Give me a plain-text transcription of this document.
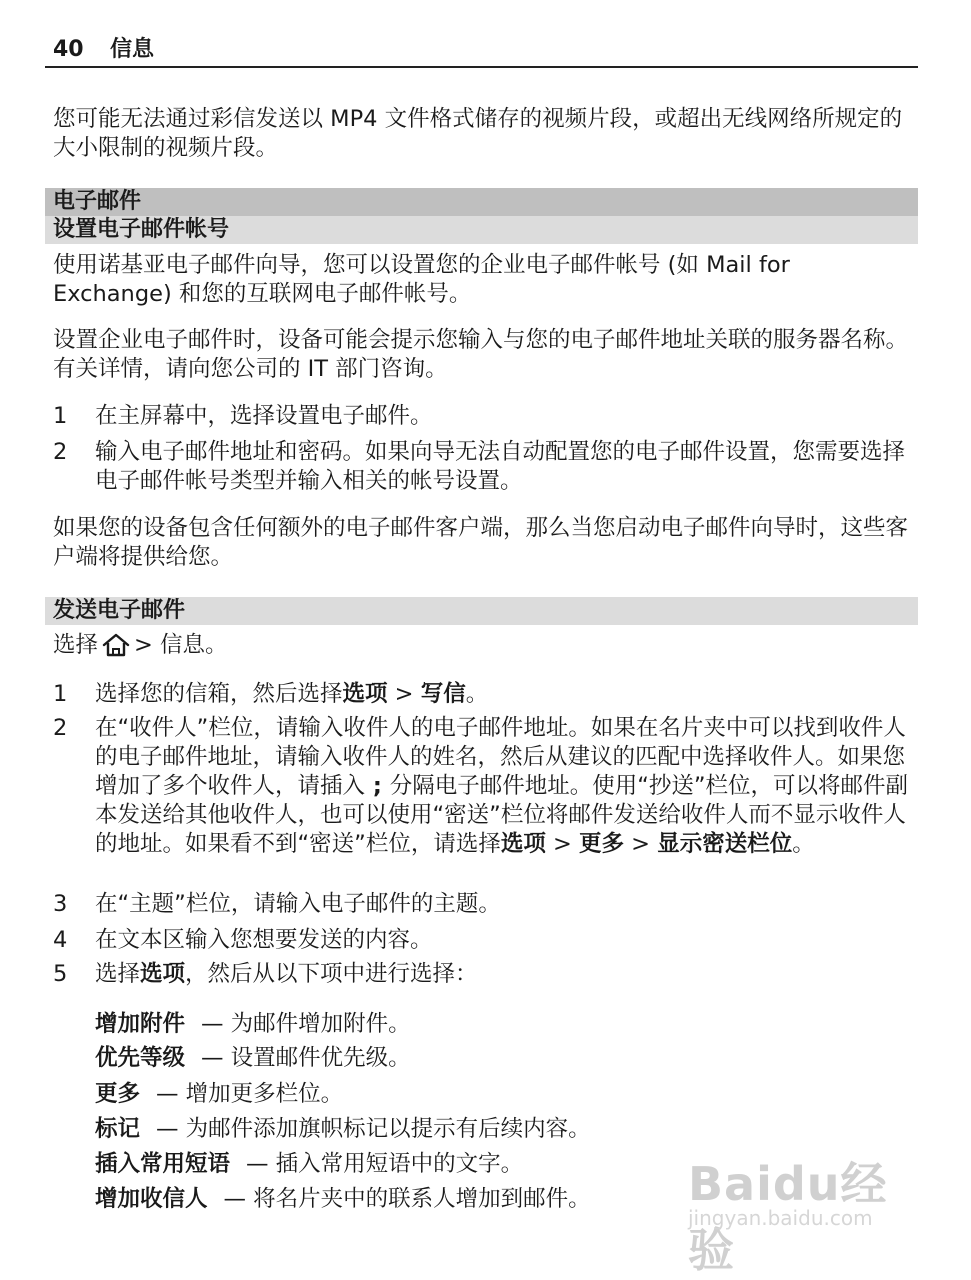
40 信息

您可能无法通过彩信发送以 MP4 文件格式储存的视频片段，或超出无线网络所规定的大小限制的视频片段。

电子邮件
设置电子邮件帐号

使用诺基亚电子邮件向导，您可以设置您的企业电子邮件帐号 (如 Mail for Exchange) 和您的互联网电子邮件帐号。

设置企业电子邮件时，设备可能会提示您输入与您的电子邮件地址关联的服务器名称。有关详情，请向您公司的 IT 部门咨询。

1 在主屏幕中，选择设置电子邮件。

2 输入电子邮件地址和密码。如果向导无法自动配置您的电子邮件设置，您需要选择电子邮件帐号类型并输入相关的帐号设置。

如果您的设备包含任何额外的电子邮件客户端，那么当您启动电子邮件向导时，这些客户端将提供给您。

发送电子邮件

选择 > 信息。

1 选择您的信箱，然后选择选项 > 写信。

2 在“收件人”栏位，请输入收件人的电子邮件地址。如果在名片夹中可以找到收件人的电子邮件地址，请输入收件人的姓名，然后从建议的匹配中选择收件人。如果您增加了多个收件人，请插入 ; 分隔电子邮件地址。使用“抄送”栏位，可以将邮件副本发送给其他收件人，也可以使用“密送”栏位将邮件发送给收件人而不显示收件人的地址。如果看不到“密送”栏位，请选择选项 > 更多 > 显示密送栏位。

3 在“主题”栏位，请输入电子邮件的主题。

4 在文本区输入您想要发送的内容。

5 选择选项，然后从以下项中进行选择：

增加附件 — 为邮件增加附件。
优先等级 — 设置邮件优先级。
更多 — 增加更多栏位。
标记 — 为邮件添加旗帜标记以提示有后续内容。
插入常用短语 — 插入常用短语中的文字。
增加收信人 — 将名片夹中的联系人增加到邮件。 Baidu经验
jingyan.baidu.com
